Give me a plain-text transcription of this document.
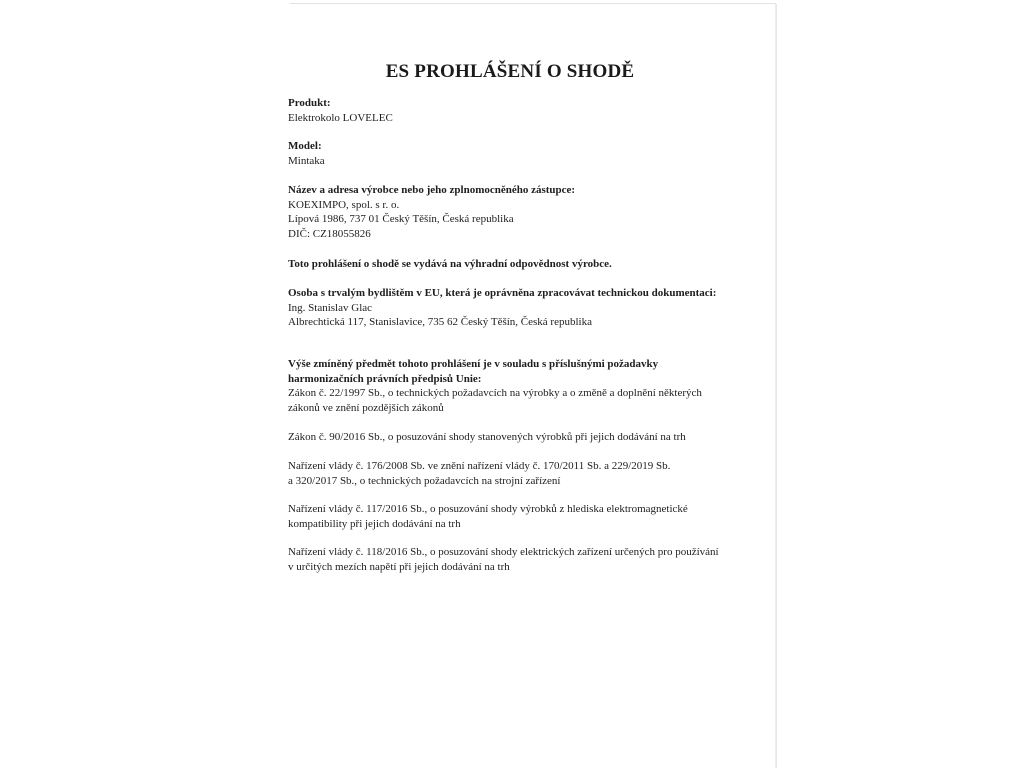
ES PROHLÁŠENÍ O SHODĚ
Produkt:
Elektrokolo LOVELEC
Model:
Mintaka
Název a adresa výrobce nebo jeho zplnomocněného zástupce:
KOEXIMPO, spol. s r. o.
Lípová 1986, 737 01 Český Těšín, Česká republika
DIČ: CZ18055826
Toto prohlášení o shodě se vydává na výhradní odpovědnost výrobce.
Osoba s trvalým bydlištěm v EU, která je oprávněna zpracovávat technickou dokumentaci:
Ing. Stanislav Glac
Albrechtická 117, Stanislavice, 735 62 Český Těšín, Česká republika
Výše zmíněný předmět tohoto prohlášení je v souladu s příslušnými požadavky
harmonizačních právních předpisů Unie:
Zákon č. 22/1997 Sb., o technických požadavcích na výrobky a o změně a doplnění některých
zákonů ve znění pozdějších zákonů
Zákon č. 90/2016 Sb., o posuzování shody stanovených výrobků při jejich dodávání na trh
Nařízení vlády č. 176/2008 Sb. ve znění nařízení vlády č. 170/2011 Sb. a 229/2019 Sb.
a 320/2017 Sb., o technických požadavcích na strojní zařízení
Nařízení vlády č. 117/2016 Sb., o posuzování shody výrobků z hlediska elektromagnetické
kompatibility při jejich dodávání na trh
Nařízení vlády č. 118/2016 Sb., o posuzování shody elektrických zařízení určených pro používání
v určitých mezích napětí při jejich dodávání na trh
